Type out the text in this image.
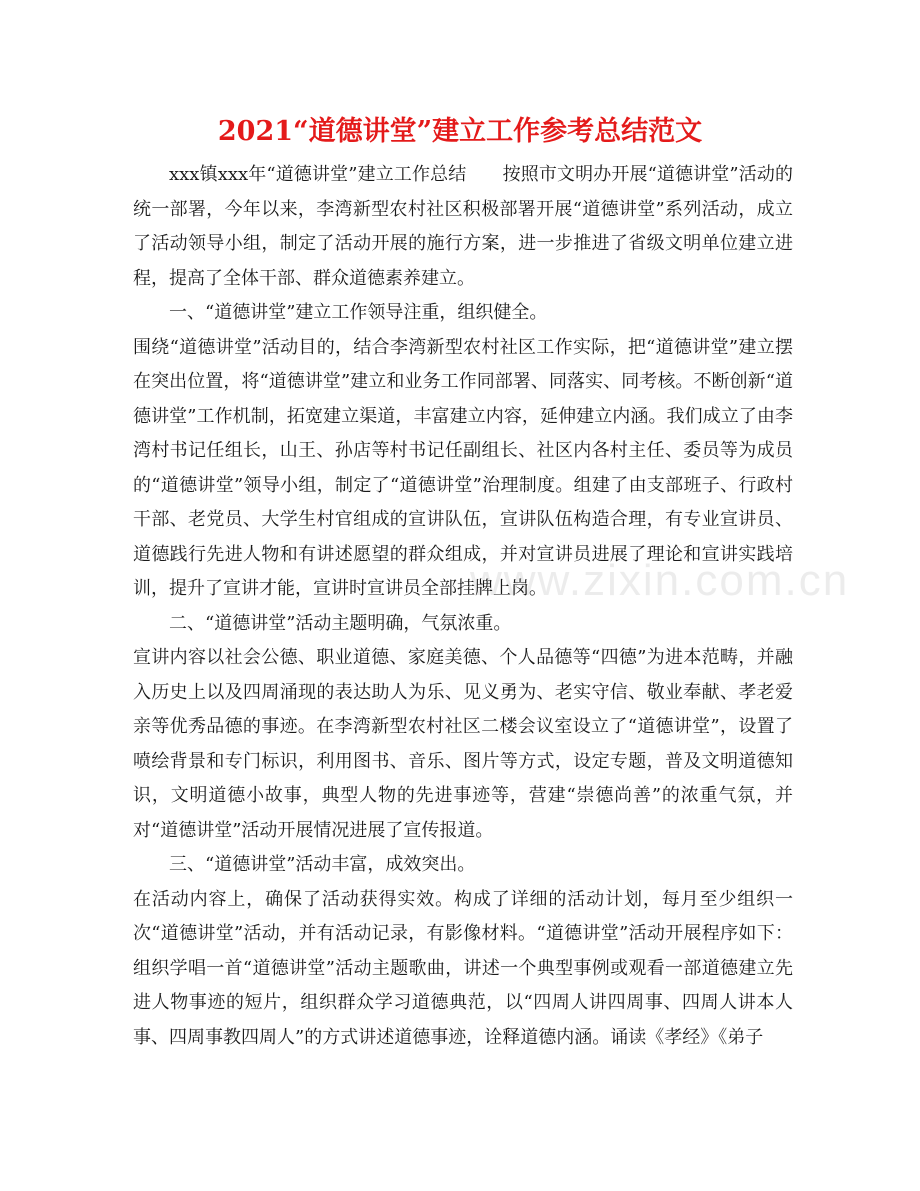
2021“道德讲堂”建立工作参考总结范文
www.zixin.com.cn

xxx镇xxx年“道德讲堂”建立工作总结　　按照市文明办开展“道德讲堂”活动的统一部署，今年以来，李湾新型农村社区积极部署开展“道德讲堂”系列活动，成立了活动领导小组，制定了活动开展的施行方案，进一步推进了省级文明单位建立进程，提高了全体干部、群众道德素养建立。

一、“道德讲堂”建立工作领导注重，组织健全。

围绕“道德讲堂”活动目的，结合李湾新型农村社区工作实际，把“道德讲堂”建立摆在突出位置，将“道德讲堂”建立和业务工作同部署、同落实、同考核。不断创新“道德讲堂”工作机制，拓宽建立渠道，丰富建立内容，延伸建立内涵。我们成立了由李湾村书记任组长，山王、孙店等村书记任副组长、社区内各村主任、委员等为成员的“道德讲堂”领导小组，制定了“道德讲堂”治理制度。组建了由支部班子、行政村干部、老党员、大学生村官组成的宣讲队伍，宣讲队伍构造合理，有专业宣讲员、道德践行先进人物和有讲述愿望的群众组成，并对宣讲员进展了理论和宣讲实践培训，提升了宣讲才能，宣讲时宣讲员全部挂牌上岗。

二、“道德讲堂”活动主题明确，气氛浓重。

宣讲内容以社会公德、职业道德、家庭美德、个人品德等“四德”为进本范畴，并融入历史上以及四周涌现的表达助人为乐、见义勇为、老实守信、敬业奉献、孝老爱亲等优秀品德的事迹。在李湾新型农村社区二楼会议室设立了“道德讲堂”，设置了喷绘背景和专门标识，利用图书、音乐、图片等方式，设定专题，普及文明道德知识，文明道德小故事，典型人物的先进事迹等，营建“崇德尚善”的浓重气氛，并对“道德讲堂”活动开展情况进展了宣传报道。

三、“道德讲堂”活动丰富，成效突出。

在活动内容上，确保了活动获得实效。构成了详细的活动计划，每月至少组织一次“道德讲堂”活动，并有活动记录，有影像材料。“道德讲堂”活动开展程序如下：组织学唱一首“道德讲堂”活动主题歌曲，讲述一个典型事例或观看一部道德建立先进人物事迹的短片，组织群众学习道德典范，以“四周人讲四周事、四周人讲本人事、四周事教四周人”的方式讲述道德事迹，诠释道德内涵。诵读《孝经》《弟子
